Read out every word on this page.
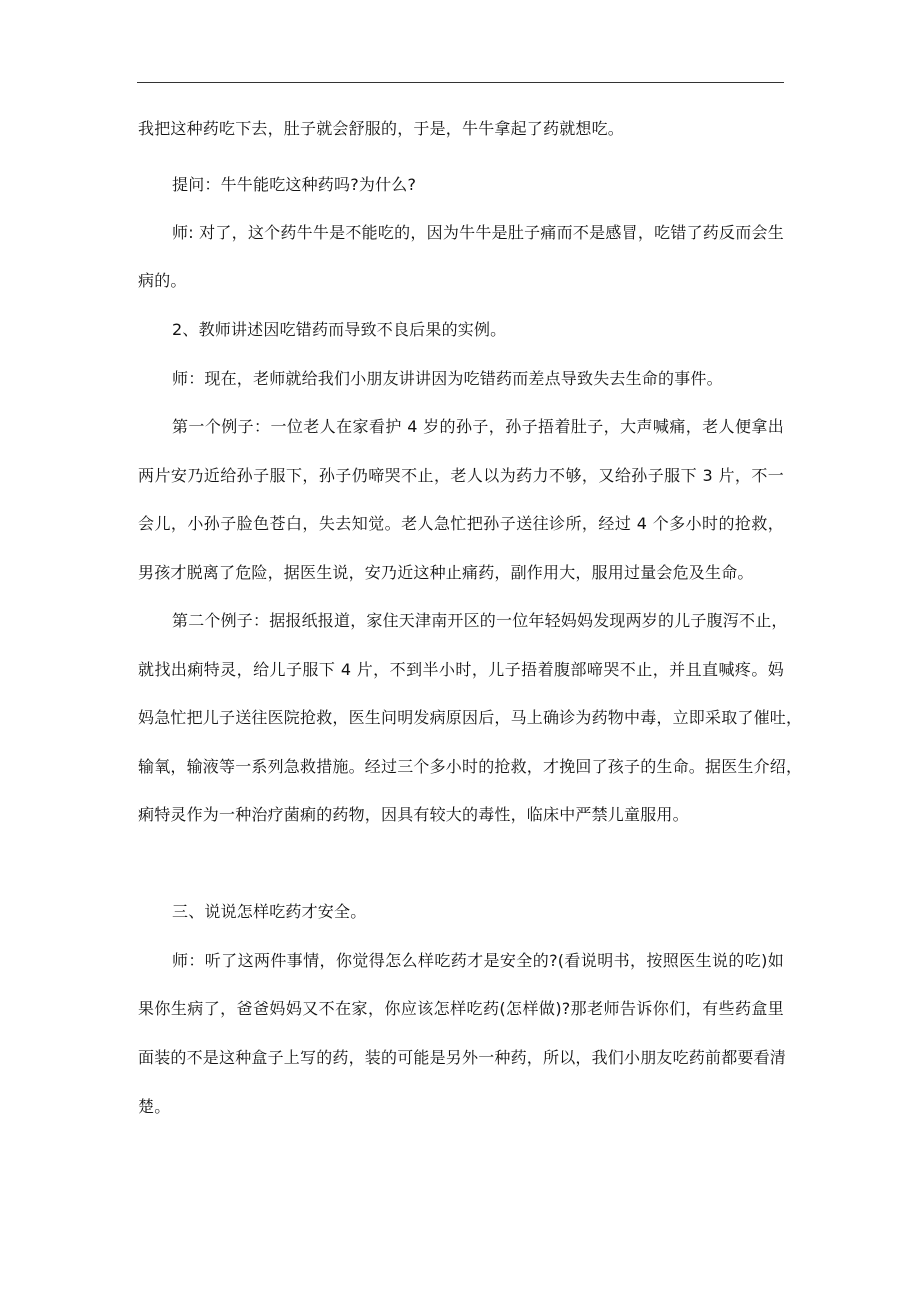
我把这种药吃下去，肚子就会舒服的，于是，牛牛拿起了药就想吃。
提问：牛牛能吃这种药吗?为什么?
师: 对了，这个药牛牛是不能吃的，因为牛牛是肚子痛而不是感冒，吃错了药反而会生
病的。
2、教师讲述因吃错药而导致不良后果的实例。
师：现在，老师就给我们小朋友讲讲因为吃错药而差点导致失去生命的事件。
第一个例子：一位老人在家看护 4 岁的孙子，孙子捂着肚子，大声喊痛，老人便拿出
两片安乃近给孙子服下，孙子仍啼哭不止，老人以为药力不够，又给孙子服下 3 片，不一
会儿，小孙子脸色苍白，失去知觉。老人急忙把孙子送往诊所，经过 4 个多小时的抢救，
男孩才脱离了危险，据医生说，安乃近这种止痛药，副作用大，服用过量会危及生命。
第二个例子：据报纸报道，家住天津南开区的一位年轻妈妈发现两岁的儿子腹泻不止，
就找出痢特灵，给儿子服下 4 片，不到半小时，儿子捂着腹部啼哭不止，并且直喊疼。妈
妈急忙把儿子送往医院抢救，医生问明发病原因后，马上确诊为药物中毒，立即采取了催吐，
输氧，输液等一系列急救措施。经过三个多小时的抢救，才挽回了孩子的生命。据医生介绍，
痢特灵作为一种治疗菌痢的药物，因具有较大的毒性，临床中严禁儿童服用。
三、说说怎样吃药才安全。
师：听了这两件事情，你觉得怎么样吃药才是安全的?(看说明书，按照医生说的吃)如
果你生病了，爸爸妈妈又不在家，你应该怎样吃药(怎样做)?那老师告诉你们，有些药盒里
面装的不是这种盒子上写的药，装的可能是另外一种药，所以，我们小朋友吃药前都要看清
楚。
